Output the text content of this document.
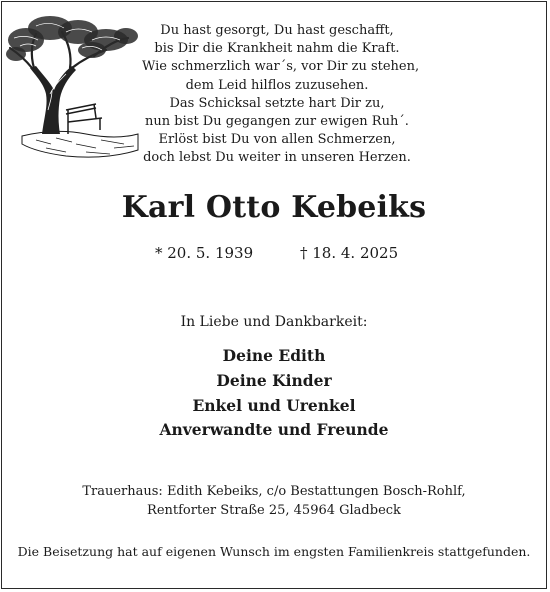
Du hast gesorgt, Du hast geschafft,
bis Dir die Krankheit nahm die Kraft.
Wie schmerzlich war´s, vor Dir zu stehen,
dem Leid hilflos zuzusehen.
Das Schicksal setzte hart Dir zu,
nun bist Du gegangen zur ewigen Ruh´.
Erlöst bist Du von allen Schmerzen,
doch lebst Du weiter in unseren Herzen.
Karl Otto Kebeiks
* 20. 5. 1939	† 18. 4. 2025
In Liebe und Dankbarkeit:
Deine Edith
Deine Kinder
Enkel und Urenkel
Anverwandte und Freunde
Trauerhaus: Edith Kebeiks, c/o Bestattungen Bosch-Rohlf,
Rentforter Straße 25, 45964 Gladbeck
Die Beisetzung hat auf eigenen Wunsch im engsten Familienkreis stattgefunden.
